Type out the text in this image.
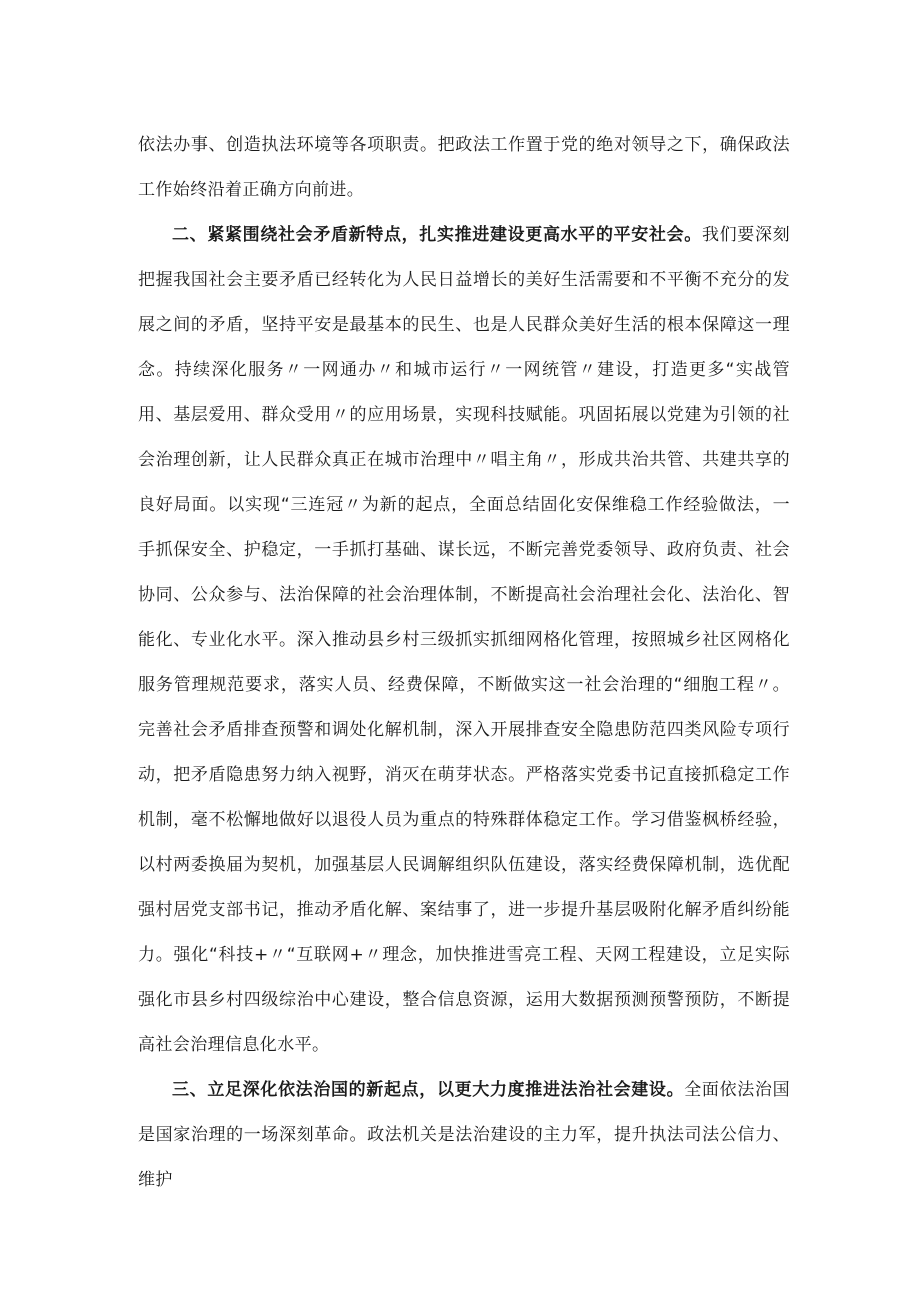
依法办事、创造执法环境等各项职责。把政法工作置于党的绝对领导之下，确保政法工作始终沿着正确方向前进。

二、紧紧围绕社会矛盾新特点，扎实推进建设更高水平的平安社会。我们要深刻把握我国社会主要矛盾已经转化为人民日益增长的美好生活需要和不平衡不充分的发展之间的矛盾，坚持平安是最基本的民生、也是人民群众美好生活的根本保障这一理念。持续深化服务〃一网通办〃和城市运行〃一网统管〃建设，打造更多“实战管用、基层爱用、群众受用〃的应用场景，实现科技赋能。巩固拓展以党建为引领的社会治理创新，让人民群众真正在城市治理中〃唱主角〃，形成共治共管、共建共享的良好局面。以实现“三连冠〃为新的起点，全面总结固化安保维稳工作经验做法，一手抓保安全、护稳定，一手抓打基础、谋长远，不断完善党委领导、政府负责、社会协同、公众参与、法治保障的社会治理体制，不断提高社会治理社会化、法治化、智能化、专业化水平。深入推动县乡村三级抓实抓细网格化管理，按照城乡社区网格化服务管理规范要求，落实人员、经费保障，不断做实这一社会治理的“细胞工程〃。完善社会矛盾排查预警和调处化解机制，深入开展排查安全隐患防范四类风险专项行动，把矛盾隐患努力纳入视野，消灭在萌芽状态。严格落实党委书记直接抓稳定工作机制，毫不松懈地做好以退役人员为重点的特殊群体稳定工作。学习借鉴枫桥经验，以村两委换届为契机，加强基层人民调解组织队伍建设，落实经费保障机制，选优配强村居党支部书记，推动矛盾化解、案结事了，进一步提升基层吸附化解矛盾纠纷能力。强化“科技+〃“互联网+〃理念，加快推进雪亮工程、天网工程建设，立足实际强化市县乡村四级综治中心建设，整合信息资源，运用大数据预测预警预防，不断提高社会治理信息化水平。

三、立足深化依法治国的新起点，以更大力度推进法治社会建设。全面依法治国是国家治理的一场深刻革命。政法机关是法治建设的主力军，提升执法司法公信力、维护
